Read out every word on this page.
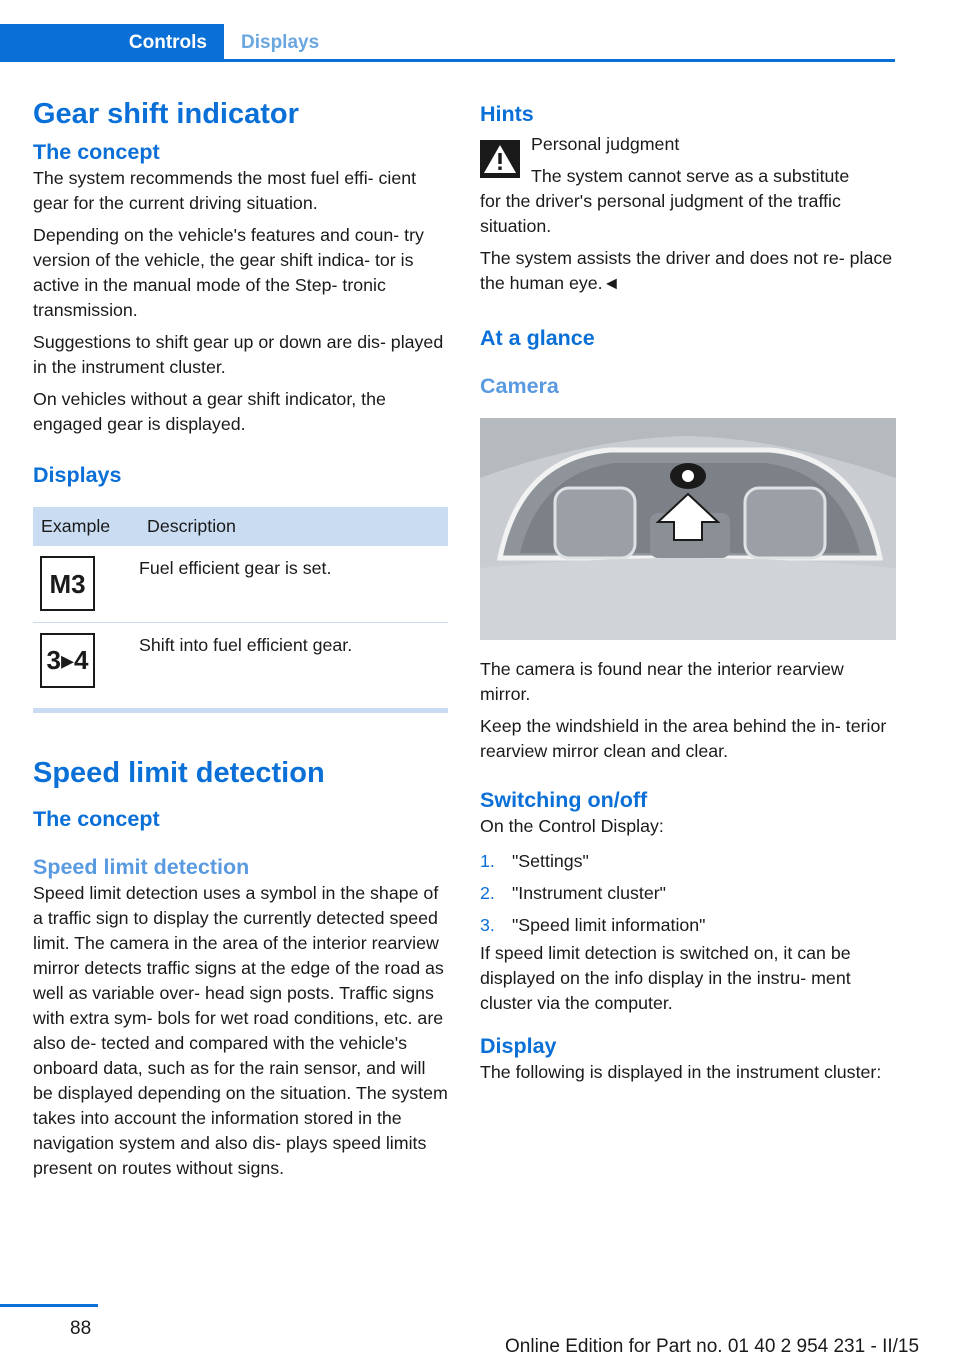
Controls Displays
Gear shift indicator
The concept

The system recommends the most fuel effi‐ cient gear for the current driving situation.

Depending on the vehicle's features and coun‐ try version of the vehicle, the gear shift indica‐ tor is active in the manual mode of the Step‐ tronic transmission.

Suggestions to shift gear up or down are dis‐ played in the instrument cluster.

On vehicles without a gear shift indicator, the engaged gear is displayed.

Displays
Example	Description

M3	Fuel efficient gear is set.

3▸4	Shift into fuel efficient gear.
Speed limit detection
The concept
Speed limit detection

Speed limit detection uses a symbol in the shape of a traffic sign to display the currently detected speed limit. The camera in the area of the interior rearview mirror detects traffic signs at the edge of the road as well as variable over‐ head sign posts. Traffic signs with extra sym‐ bols for wet road conditions, etc. are also de‐ tected and compared with the vehicle's onboard data, such as for the rain sensor, and will be displayed depending on the situation. The system takes into account the information stored in the navigation system and also dis‐ plays speed limits present on routes without signs.

Hints

Personal judgment

The system cannot serve as a substitute

for the driver's personal judgment of the traffic situation.

The system assists the driver and does not re‐ place the human eye.◄

At a glance
Camera

The camera is found near the interior rearview mirror.

Keep the windshield in the area behind the in‐ terior rearview mirror clean and clear.

Switching on/off

On the Control Display:

1. "Settings"
2. "Instrument cluster"
3. "Speed limit information"

If speed limit detection is switched on, it can be displayed on the info display in the instru‐ ment cluster via the computer.

Display

The following is displayed in the instrument cluster:

88
Online Edition for Part no. 01 40 2 954 231 - II/15
